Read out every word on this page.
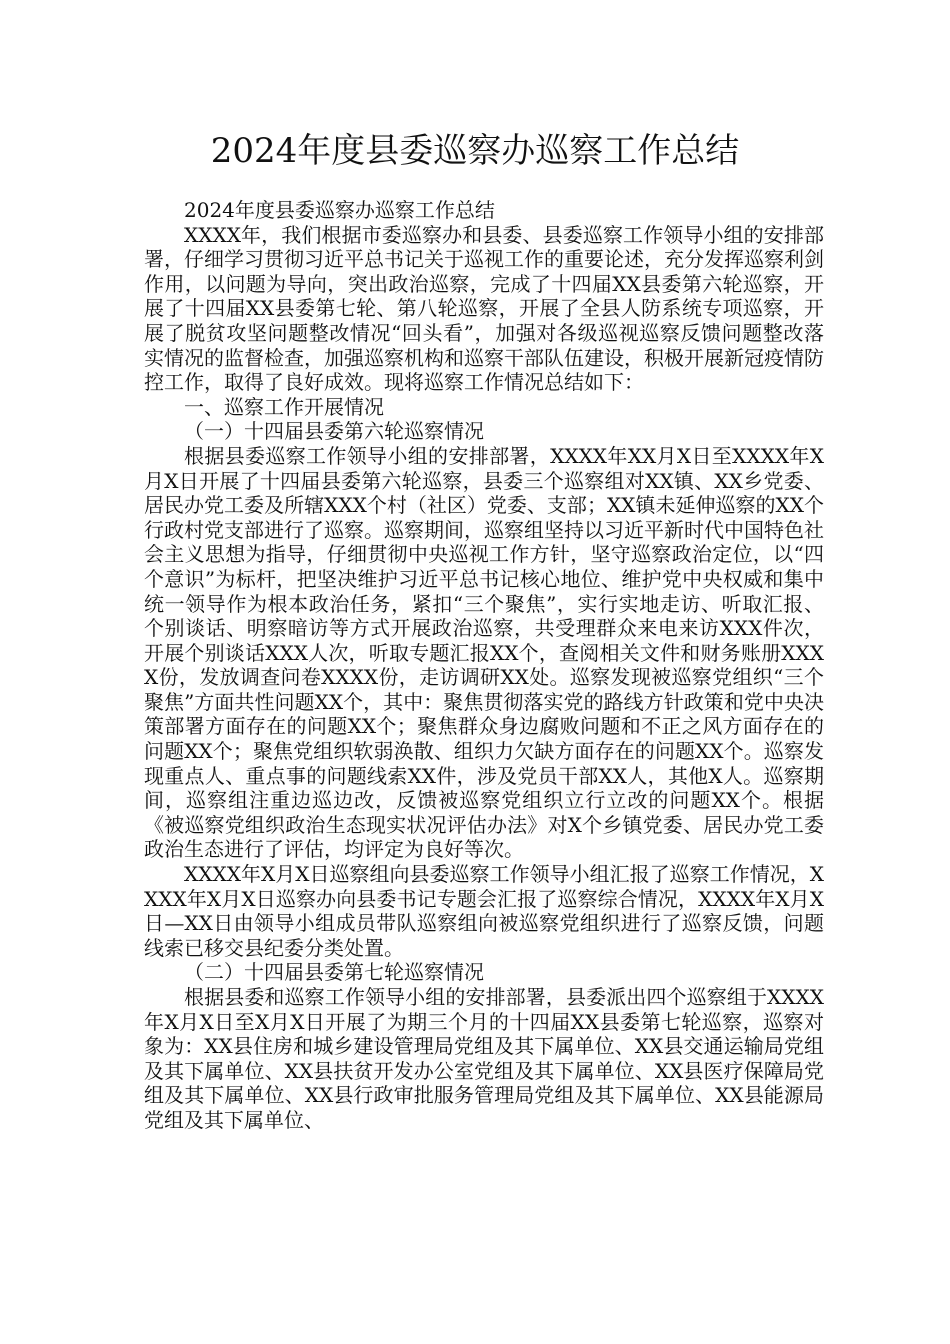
2024年度县委巡察办巡察工作总结

2024年度县委巡察办巡察工作总结

XXXX年，我们根据市委巡察办和县委、县委巡察工作领导小组的安排部署，仔细学习贯彻习近平总书记关于巡视工作的重要论述，充分发挥巡察利剑作用，以问题为导向，突出政治巡察，完成了十四届XX县委第六轮巡察，开展了十四届XX县委第七轮、第八轮巡察，开展了全县人防系统专项巡察，开展了脱贫攻坚问题整改情况“回头看”，加强对各级巡视巡察反馈问题整改落实情况的监督检查，加强巡察机构和巡察干部队伍建设，积极开展新冠疫情防控工作，取得了良好成效。现将巡察工作情况总结如下：

一、巡察工作开展情况

（一）十四届县委第六轮巡察情况

根据县委巡察工作领导小组的安排部署，XXXX年XX月X日至XXXX年X月X日开展了十四届县委第六轮巡察，县委三个巡察组对XX镇、XX乡党委、居民办党工委及所辖XXX个村（社区）党委、支部；XX镇未延伸巡察的XX个行政村党支部进行了巡察。巡察期间，巡察组坚持以习近平新时代中国特色社会主义思想为指导，仔细贯彻中央巡视工作方针，坚守巡察政治定位，以“四个意识”为标杆，把坚决维护习近平总书记核心地位、维护党中央权威和集中统一领导作为根本政治任务，紧扣“三个聚焦”，实行实地走访、听取汇报、个别谈话、明察暗访等方式开展政治巡察，共受理群众来电来访XXX件次，开展个别谈话XXX人次，听取专题汇报XX个，查阅相关文件和财务账册XXXX份，发放调查问卷XXXX份，走访调研XX处。巡察发现被巡察党组织“三个聚焦”方面共性问题XX个，其中：聚焦贯彻落实党的路线方针政策和党中央决策部署方面存在的问题XX个；聚焦群众身边腐败问题和不正之风方面存在的问题XX个；聚焦党组织软弱涣散、组织力欠缺方面存在的问题XX个。巡察发现重点人、重点事的问题线索XX件，涉及党员干部XX人，其他X人。巡察期间，巡察组注重边巡边改，反馈被巡察党组织立行立改的问题XX个。根据《被巡察党组织政治生态现实状况评估办法》对X个乡镇党委、居民办党工委政治生态进行了评估，均评定为良好等次。

XXXX年X月X日巡察组向县委巡察工作领导小组汇报了巡察工作情况，XXXX年X月X日巡察办向县委书记专题会汇报了巡察综合情况，XXXX年X月X日—XX日由领导小组成员带队巡察组向被巡察党组织进行了巡察反馈，问题线索已移交县纪委分类处置。

（二）十四届县委第七轮巡察情况

根据县委和巡察工作领导小组的安排部署，县委派出四个巡察组于XXXX年X月X日至X月X日开展了为期三个月的十四届XX县委第七轮巡察，巡察对象为：XX县住房和城乡建设管理局党组及其下属单位、XX县交通运输局党组及其下属单位、XX县扶贫开发办公室党组及其下属单位、XX县医疗保障局党组及其下属单位、XX县行政审批服务管理局党组及其下属单位、XX县能源局党组及其下属单位、
